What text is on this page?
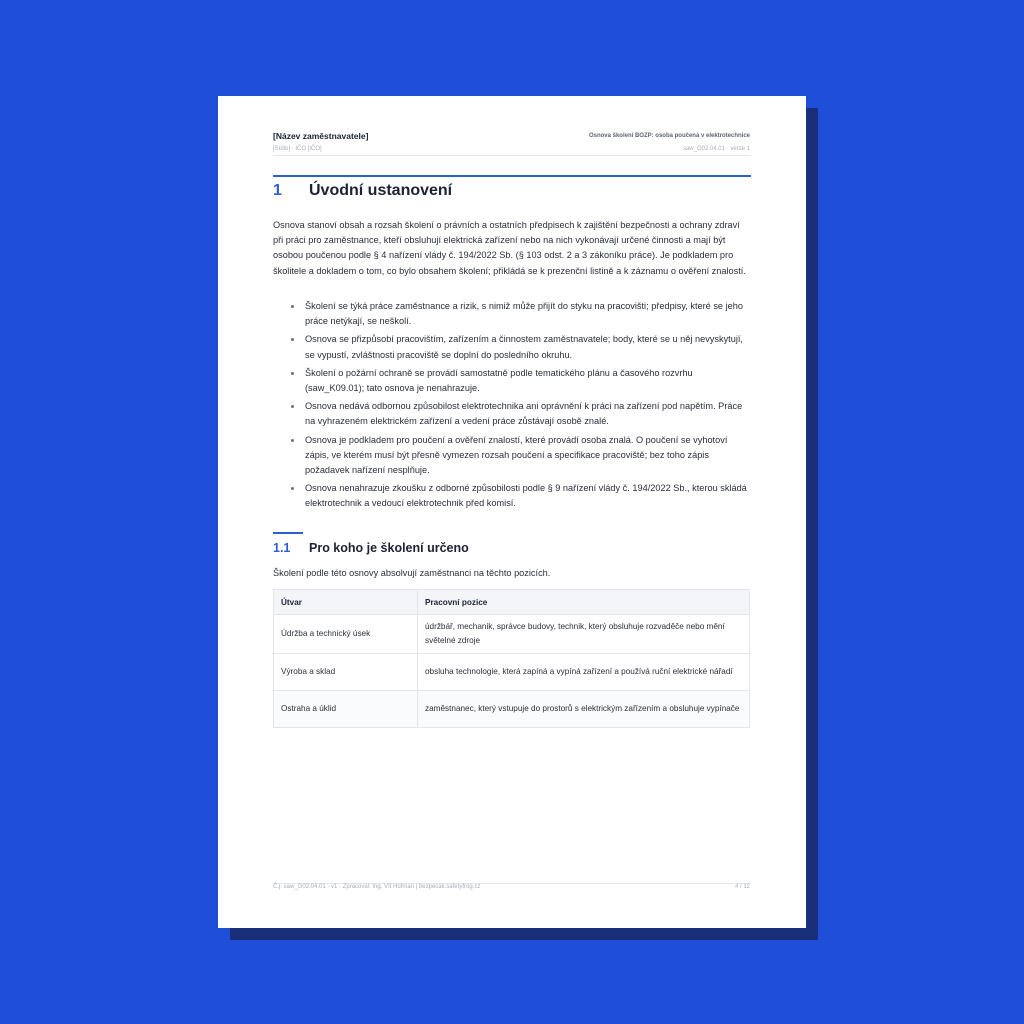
[Název zaměstnavatele]
[Sídlo] · IČO [IČO]
Osnova školení BOZP: osoba poučená v elektrotechnice
saw_G02.04.01 · verze 1
1 Úvodní ustanovení
Osnova stanoví obsah a rozsah školení o právních a ostatních předpisech k zajištění bezpečnosti a ochrany zdraví při práci pro zaměstnance, kteří obsluhují elektrická zařízení nebo na nich vykonávají určené činnosti a mají být osobou poučenou podle § 4 nařízení vlády č. 194/2022 Sb. (§ 103 odst. 2 a 3 zákoníku práce). Je podkladem pro školitele a dokladem o tom, co bylo obsahem školení; přikládá se k prezenční listině a k záznamu o ověření znalostí.
Školení se týká práce zaměstnance a rizik, s nimiž může přijít do styku na pracovišti; předpisy, které se jeho práce netýkají, se neškolí.
Osnova se přizpůsobí pracovištím, zařízením a činnostem zaměstnavatele; body, které se u něj nevyskytují, se vypustí, zvláštnosti pracoviště se doplní do posledního okruhu.
Školení o požární ochraně se provádí samostatně podle tematického plánu a časového rozvrhu (saw_K09.01); tato osnova je nenahrazuje.
Osnova nedává odbornou způsobilost elektrotechnika ani oprávnění k práci na zařízení pod napětím. Práce na vyhrazeném elektrickém zařízení a vedení práce zůstávají osobě znalé.
Osnova je podkladem pro poučení a ověření znalostí, které provádí osoba znalá. O poučení se vyhotoví zápis, ve kterém musí být přesně vymezen rozsah poučení a specifikace pracoviště; bez toho zápis požadavek nařízení nesplňuje.
Osnova nenahrazuje zkoušku z odborné způsobilosti podle § 9 nařízení vlády č. 194/2022 Sb., kterou skládá elektrotechnik a vedoucí elektrotechnik před komisí.
1.1 Pro koho je školení určeno
Školení podle této osnovy absolvují zaměstnanci na těchto pozicích.
Útvar	Pracovní pozice
Údržba a technický úsek	údržbář, mechanik, správce budovy, technik, který obsluhuje rozvaděče nebo mění světelné zdroje
Výroba a sklad	obsluha technologie, která zapíná a vypíná zařízení a používá ruční elektrické nářadí
Ostraha a úklid	zaměstnanec, který vstupuje do prostorů s elektrickým zařízením a obsluhuje vypínače
Č.j. saw_G02.04.01 · v1 · Zpracoval: Ing. Vít Hofman | bezpecak.safetyfrog.cz	4 / 12
